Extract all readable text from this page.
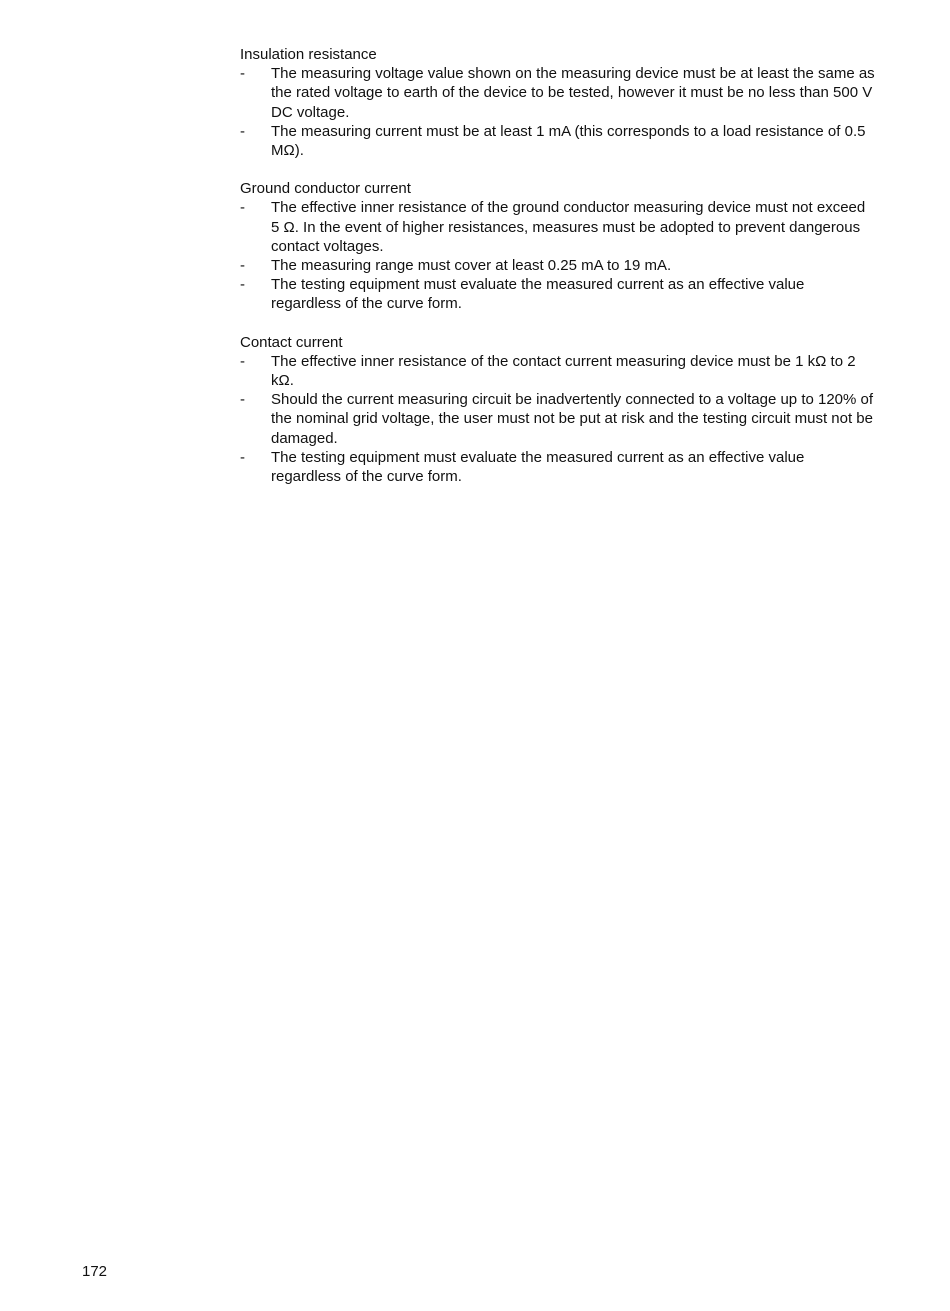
Insulation resistance
-	The measuring voltage value shown on the measuring device must be at least the same as the rated voltage to earth of the device to be tested, however it must be no less than 500 V DC voltage.
-	The measuring current must be at least 1 mA (this corresponds to a load resistance of 0.5 MΩ).
Ground conductor current
-	The effective inner resistance of the ground conductor measuring device must not exceed 5 Ω. In the event of higher resistances, measures must be adopted to prevent dangerous contact voltages.
-	The measuring range must cover at least 0.25 mA to 19 mA.
-	The testing equipment must evaluate the measured current as an effective value regardless of the curve form.
Contact current
-	The effective inner resistance of the contact current measuring device must be 1 kΩ to 2 kΩ.
-	Should the current measuring circuit be inadvertently connected to a voltage up to 120% of the nominal grid voltage, the user must not be put at risk and the testing circuit must not be damaged.
-	The testing equipment must evaluate the measured current as an effective value regardless of the curve form.
172
